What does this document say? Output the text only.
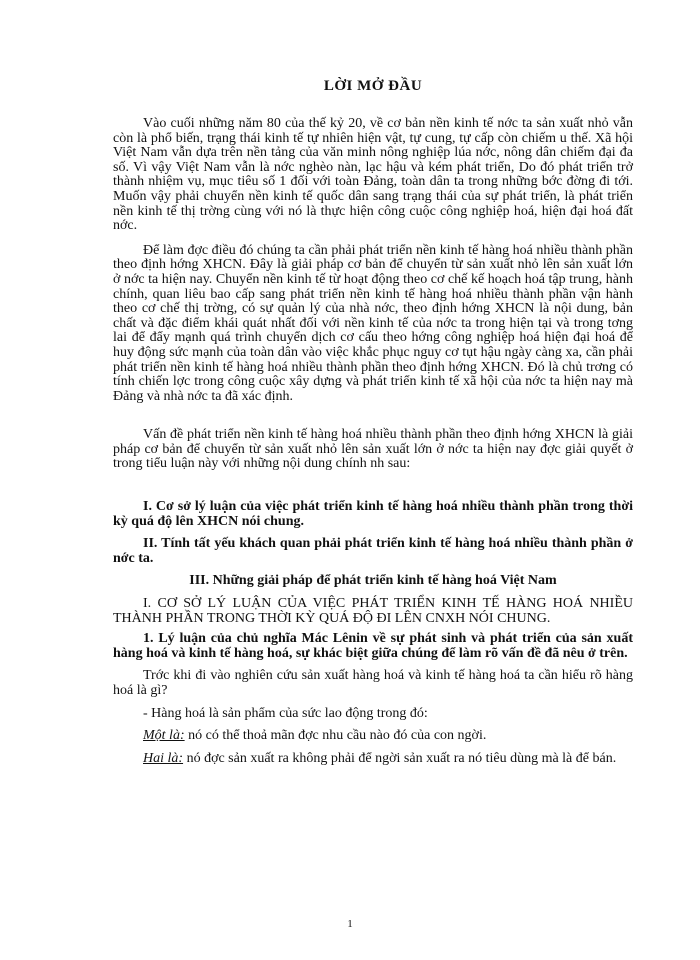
LỜI MỞ ĐẦU

Vào cuối những năm 80 của thế kỷ 20, về cơ bản nền kinh tế nớc ta sản xuất nhỏ vẫn còn là phổ biến, trạng thái kinh tế tự nhiên hiện vật, tự cung, tự cấp còn chiếm u thế. Xã hội Việt Nam vẫn dựa trên nền tảng của văn minh nông nghiệp lúa nớc, nông dân chiếm đại đa số. Vì vậy Việt Nam vẫn là nớc nghèo nàn, lạc hậu và kém phát triển, Do đó phát triển trở thành nhiệm vụ, mục tiêu số 1 đối với toàn Đảng, toàn dân ta trong những bớc đờng đi tới. Muốn vậy phải chuyển nền kinh tế quốc dân sang trạng thái của sự phát triển, là phát triển nền kinh tế thị trờng cùng với nó là thực hiện công cuộc công nghiệp hoá, hiện đại hoá đất nớc.

Để làm đợc điều đó chúng ta cần phải phát triển nền kinh tế hàng hoá nhiều thành phần theo định hớng XHCN. Đây là giải pháp cơ bản để chuyển từ sản xuất nhỏ lên sản xuất lớn ở nớc ta hiện nay. Chuyển nền kinh tế từ hoạt động theo cơ chế kế hoạch hoá tập trung, hành chính, quan liêu bao cấp sang phát triển nền kinh tế hàng hoá nhiều thành phần vận hành theo cơ chế thị trờng, có sự quản lý của nhà nớc, theo định hớng XHCN là nội dung, bản chất và đặc điểm khái quát nhất đối với nền kinh tế của nớc ta trong hiện tại và trong tơng lai để đẩy mạnh quá trình chuyển dịch cơ cấu theo hớng công nghiệp hoá hiện đại hoá để huy động sức mạnh của toàn dân vào việc khắc phục nguy cơ tụt hậu ngày càng xa, cần phải phát triển nền kinh tế hàng hoá nhiều thành phần theo định hớng XHCN. Đó là chủ trơng có tính chiến lợc trong công cuộc xây dựng và phát triển kinh tế xã hội của nớc ta hiện nay mà Đảng và nhà nớc ta đã xác định.

Vấn đề phát triển nền kinh tế hàng hoá nhiều thành phần theo định hớng XHCN là giải pháp cơ bản để chuyển từ sản xuất nhỏ lên sản xuất lớn ở nớc ta hiện nay đợc giải quyết ở trong tiểu luận này với những nội dung chính nh sau:

I. Cơ sở lý luận của việc phát triển kinh tế hàng hoá nhiều thành phần trong thời kỳ quá độ lên XHCN nói chung.

II. Tính tất yếu khách quan phải phát triển kinh tế hàng hoá nhiều thành phần ở nớc ta.

III. Những giải pháp để phát triển kinh tế hàng hoá Việt Nam

I. CƠ SỞ LÝ LUẬN CỦA VIỆC PHÁT TRIỂN KINH TẾ HÀNG HOÁ NHIỀU THÀNH PHẦN TRONG THỜI KỲ QUÁ ĐỘ ĐI LÊN CNXH NÓI CHUNG.

1. Lý luận của chủ nghĩa Mác Lênin về sự phát sinh và phát triển của sản xuất hàng hoá và kinh tế hàng hoá, sự khác biệt giữa chúng để làm rõ vấn đề đã nêu ở trên.

Trớc khi đi vào nghiên cứu sản xuất hàng hoá và kinh tế hàng hoá ta cần hiểu rõ hàng hoá là gì?

- Hàng hoá là sản phẩm của sức lao động trong đó:

Một là: nó có thể thoả mãn đợc nhu cầu nào đó của con ngời.

Hai là: nó đợc sản xuất ra không phải để ngời sản xuất ra nó tiêu dùng mà là để bán.

1
